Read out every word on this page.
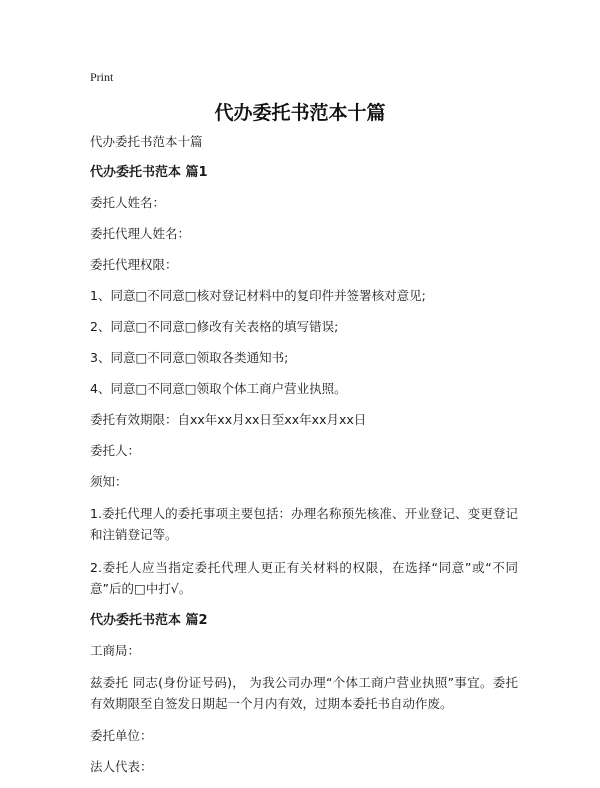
Print
代办委托书范本十篇
代办委托书范本十篇
代办委托书范本 篇1
委托人姓名：
委托代理人姓名：
委托代理权限：
1、同意□不同意□核对登记材料中的复印件并签署核对意见;
2、同意□不同意□修改有关表格的填写错误;
3、同意□不同意□领取各类通知书;
4、同意□不同意□领取个体工商户营业执照。
委托有效期限：自xx年xx月xx日至xx年xx月xx日
委托人：
须知：
1.委托代理人的委托事项主要包括：办理名称预先核准、开业登记、变更登记和注销登记等。
2.委托人应当指定委托代理人更正有关材料的权限，在选择“同意”或“不同意”后的□中打√。
代办委托书范本 篇2
工商局：
兹委托 同志(身份证号码)， 为我公司办理“个体工商户营业执照”事宜。委托有效期限至自签发日期起一个月内有效，过期本委托书自动作废。
委托单位：
法人代表：
